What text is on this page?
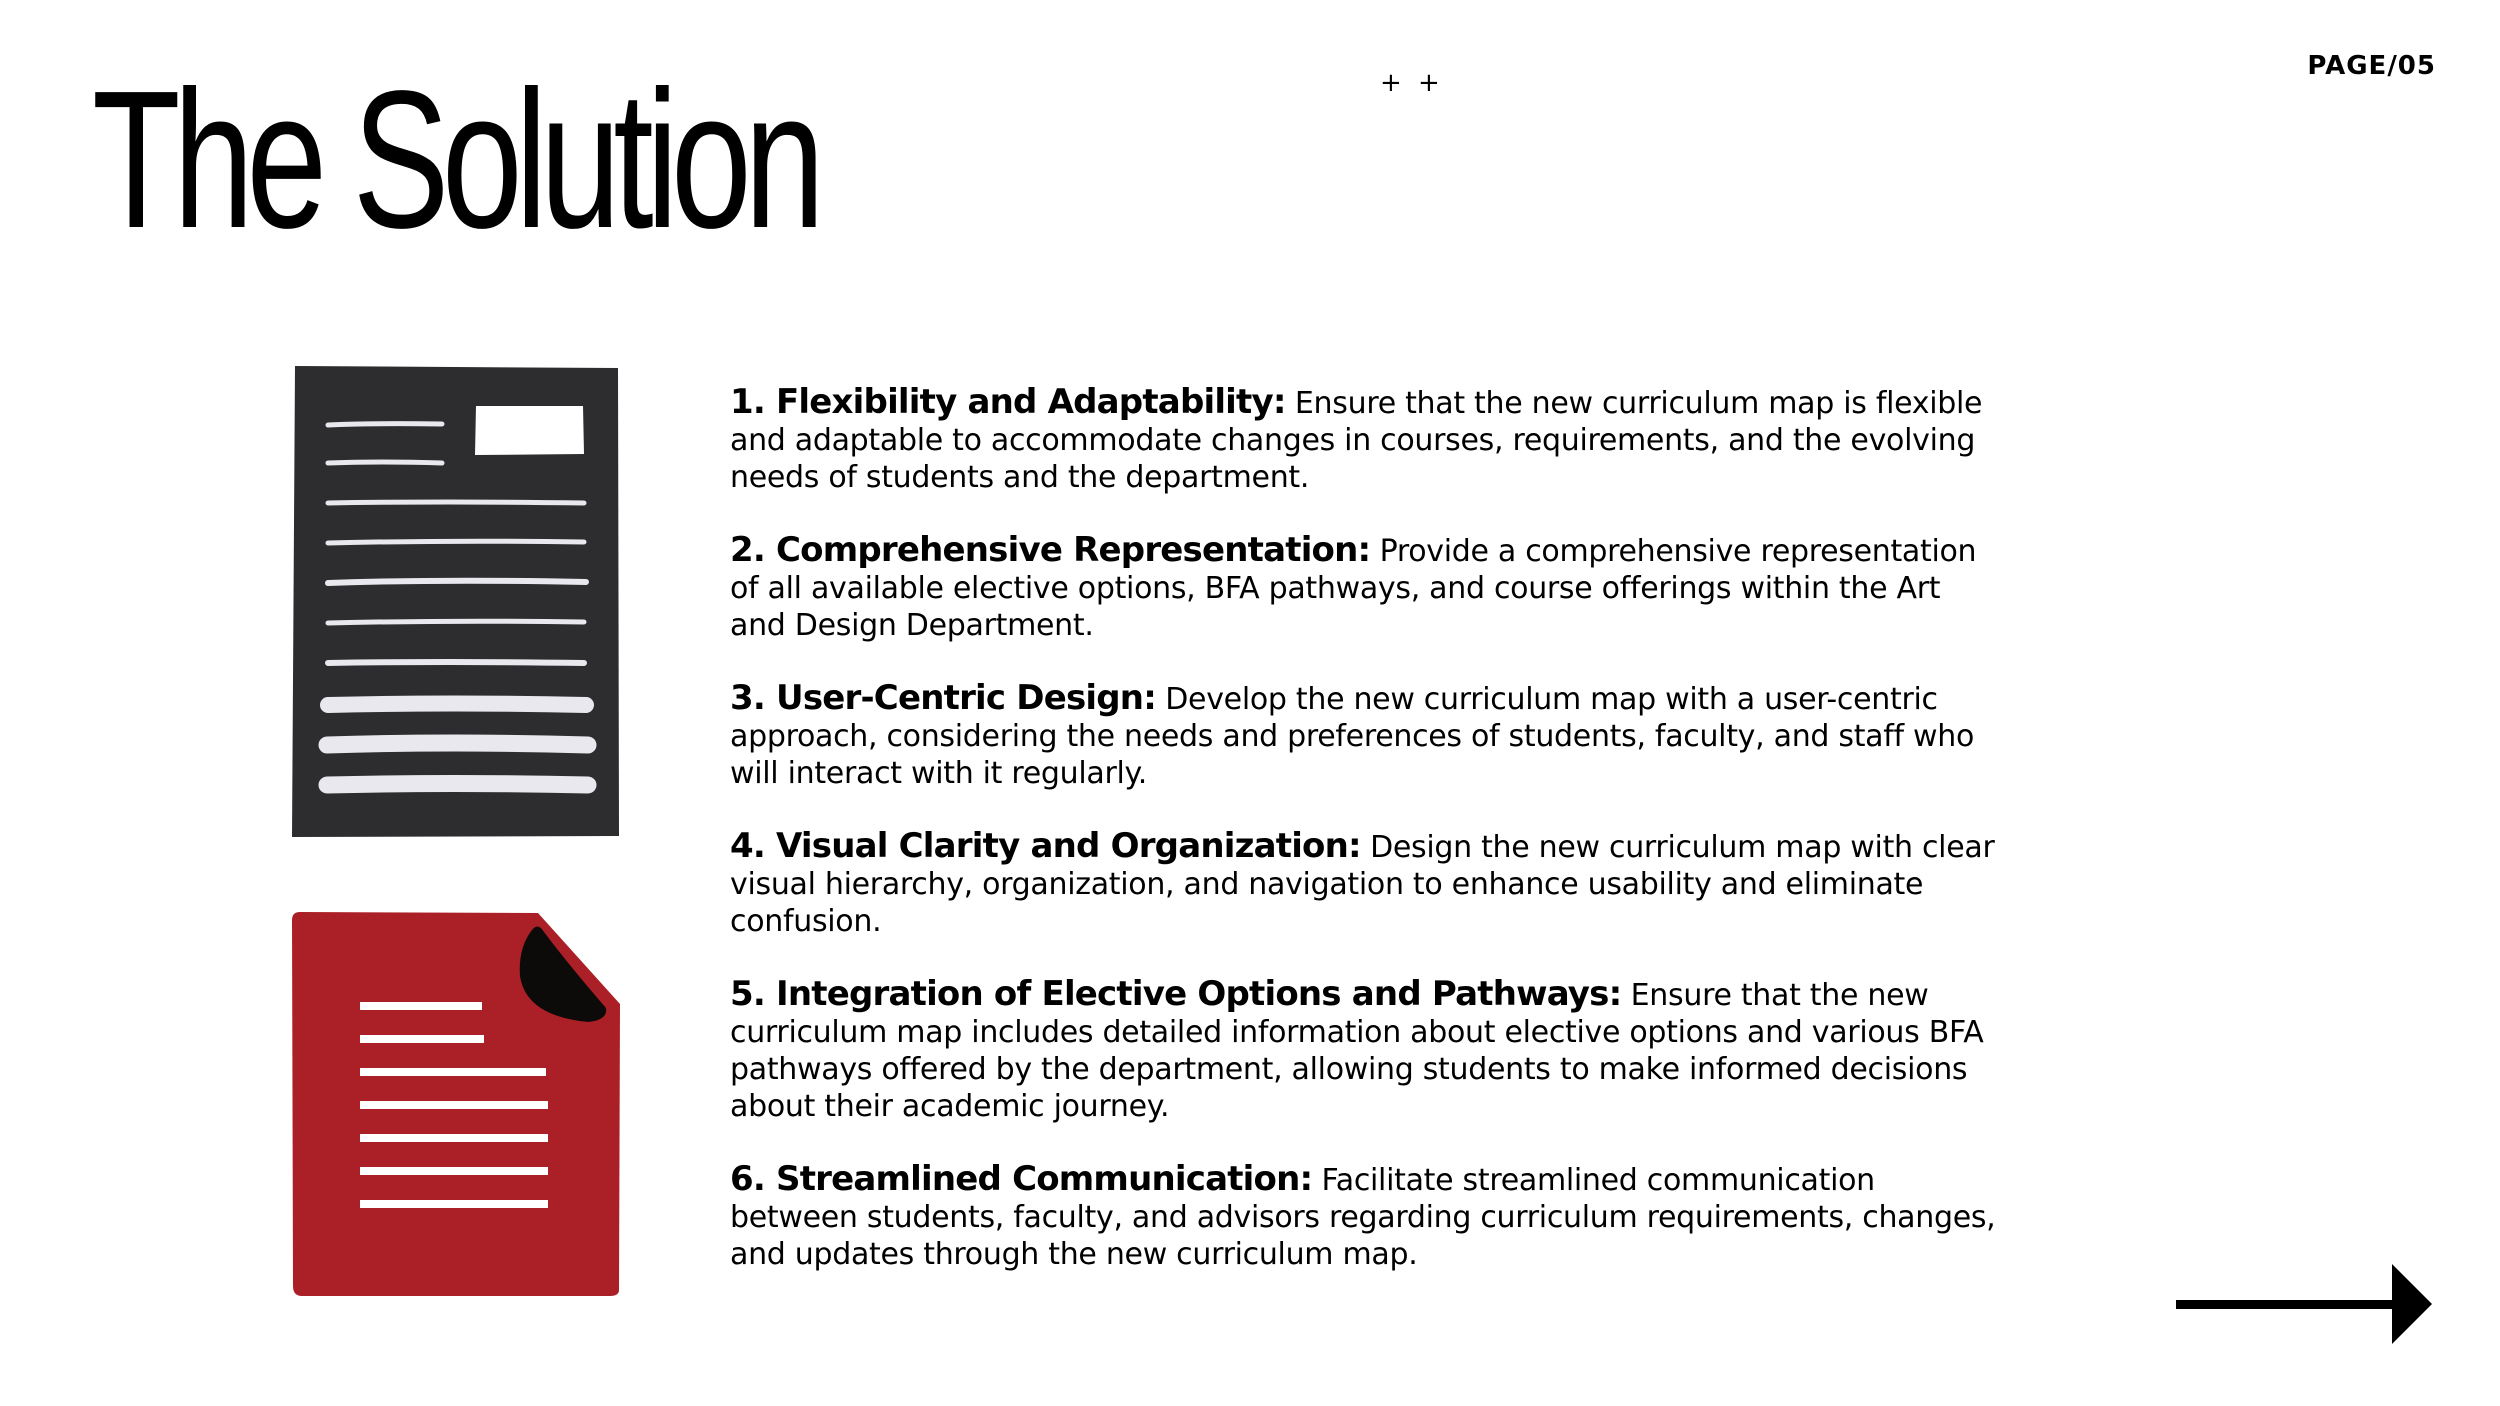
The Solution	+ +
PAGE/05
1. Flexibility and Adaptability: Ensure that the new curriculum map is flexible and adaptable to accommodate changes in courses, requirements, and the evolving needs of students and the department.
2. Comprehensive Representation: Provide a comprehensive representation of all available elective options, BFA pathways, and course offerings within the Art and Design Department.
3. User-Centric Design: Develop the new curriculum map with a user-centric approach, considering the needs and preferences of students, faculty, and staff who will interact with it regularly.
4. Visual Clarity and Organization: Design the new curriculum map with clear visual hierarchy, organization, and navigation to enhance usability and eliminate confusion.
5. Integration of Elective Options and Pathways: Ensure that the new curriculum map includes detailed information about elective options and various BFA pathways offered by the department, allowing students to make informed decisions about their academic journey.
6. Streamlined Communication: Facilitate streamlined communication between students, faculty, and advisors regarding curriculum requirements, changes, and updates through the new curriculum map.
